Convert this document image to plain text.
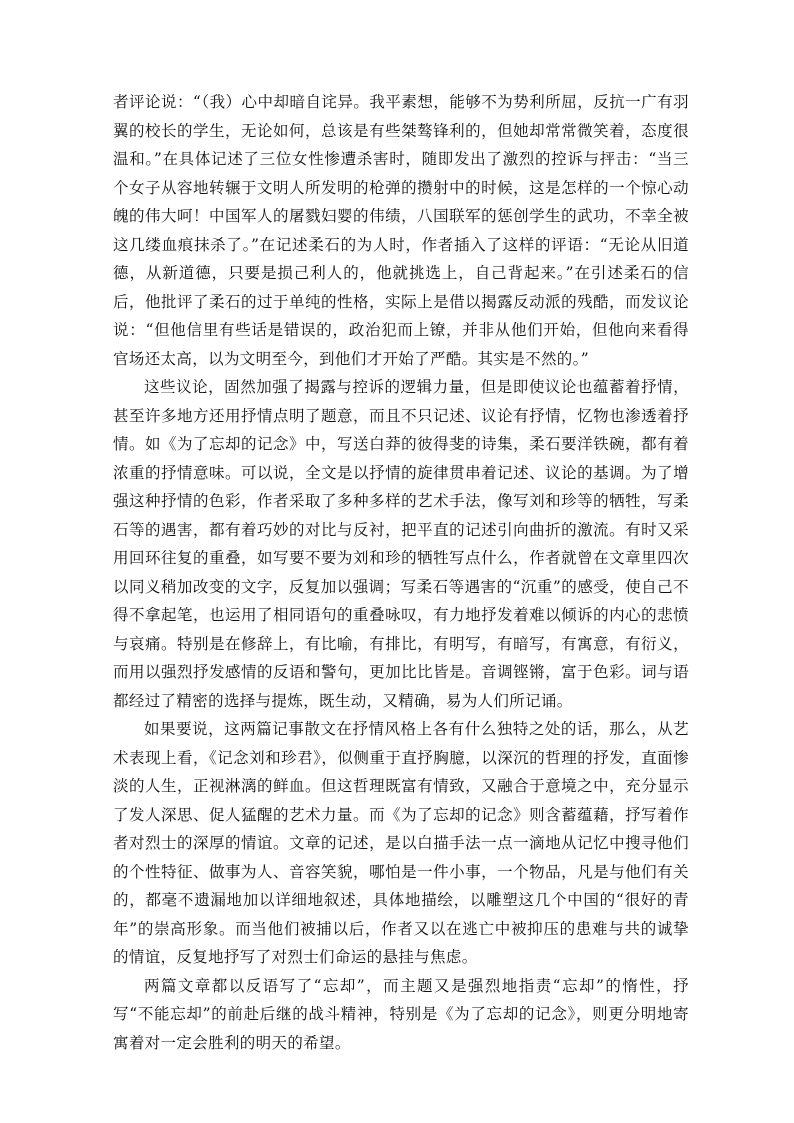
者评论说：“（我）心中却暗自诧异。我平素想，能够不为势利所屈，反抗一广有羽翼的校长的学生，无论如何，总该是有些桀骜锋利的，但她却常常微笑着，态度很温和。”在具体记述了三位女性惨遭杀害时，随即发出了激烈的控诉与抨击：“当三个女子从容地转辗于文明人所发明的枪弹的攒射中的时候，这是怎样的一个惊心动魄的伟大呵！中国军人的屠戮妇婴的伟绩，八国联军的惩创学生的武功，不幸全被这几缕血痕抹杀了。”在记述柔石的为人时，作者插入了这样的评语：“无论从旧道德，从新道德，只要是损己利人的，他就挑选上，自己背起来。”在引述柔石的信后，他批评了柔石的过于单纯的性格，实际上是借以揭露反动派的残酷，而发议论说：“但他信里有些话是错误的，政治犯而上镣，并非从他们开始，但他向来看得官场还太高，以为文明至今，到他们才开始了严酷。其实是不然的。”

这些议论，固然加强了揭露与控诉的逻辑力量，但是即使议论也蕴蓄着抒情，甚至许多地方还用抒情点明了题意，而且不只记述、议论有抒情，忆物也渗透着抒情。如《为了忘却的记念》中，写送白莽的彼得斐的诗集，柔石要洋铁碗，都有着浓重的抒情意味。可以说，全文是以抒情的旋律贯串着记述、议论的基调。为了增强这种抒情的色彩，作者采取了多种多样的艺术手法，像写刘和珍等的牺牲，写柔石等的遇害，都有着巧妙的对比与反衬，把平直的记述引向曲折的激流。有时又采用回环往复的重叠，如写要不要为刘和珍的牺牲写点什么，作者就曾在文章里四次以同义稍加改变的文字，反复加以强调；写柔石等遇害的“沉重”的感受，使自己不得不拿起笔，也运用了相同语句的重叠咏叹，有力地抒发着难以倾诉的内心的悲愤与哀痛。特别是在修辞上，有比喻，有排比，有明写，有暗写，有寓意，有衍义，而用以强烈抒发感情的反语和警句，更加比比皆是。音调铿锵，富于色彩。词与语都经过了精密的选择与提炼，既生动，又精确，易为人们所记诵。

如果要说，这两篇记事散文在抒情风格上各有什么独特之处的话，那么，从艺术表现上看，《记念刘和珍君》，似侧重于直抒胸臆，以深沉的哲理的抒发，直面惨淡的人生，正视淋漓的鲜血。但这哲理既富有情致，又融合于意境之中，充分显示了发人深思、促人猛醒的艺术力量。而《为了忘却的记念》则含蓄蕴藉，抒写着作者对烈士的深厚的情谊。文章的记述，是以白描手法一点一滴地从记忆中搜寻他们的个性特征、做事为人、音容笑貌，哪怕是一件小事，一个物品，凡是与他们有关的，都毫不遗漏地加以详细地叙述，具体地描绘，以雕塑这几个中国的“很好的青年”的崇高形象。而当他们被捕以后，作者又以在逃亡中被抑压的患难与共的诚挚的情谊，反复地抒写了对烈士们命运的悬挂与焦虑。

两篇文章都以反语写了“忘却”，而主题又是强烈地指责“忘却”的惰性，抒写“不能忘却”的前赴后继的战斗精神，特别是《为了忘却的记念》，则更分明地寄寓着对一定会胜利的明天的希望。
